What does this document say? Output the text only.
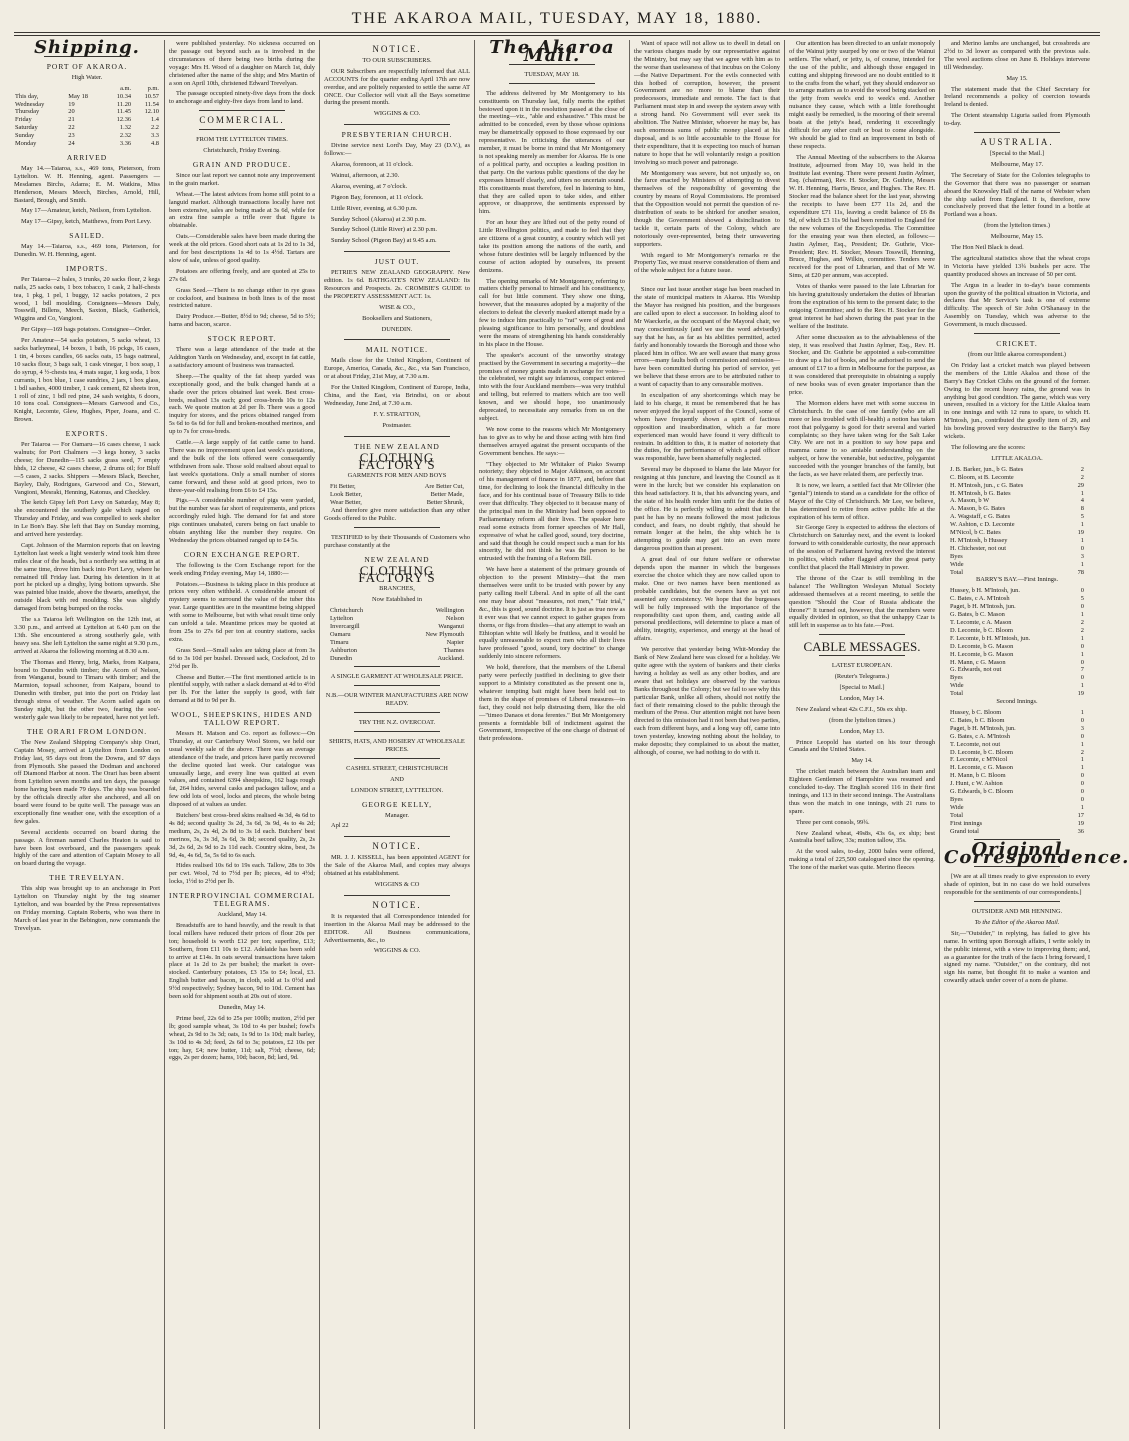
THE AKAROA MAIL, TUESDAY, MAY 18, 1880.
Shipping.
PORT OF AKAROA.

High Water.

		a.m.	p.m.
This day,	May 18	10.34	10.57
Wednesday	19	11.20	11.54
Thursday	20	11.45	12.10
Friday	21	12.36	1.4
Saturday	22	1.32	2.2
Sunday	23	2.32	3.3
Monday	24	3.36	4.8
ARRIVED

May 14.—Taiaroa, s.s., 469 tons, Pieterson, from Lyttelton. W. H. Henning, agent. Passengers — Mesdames Birchs, Adams; E. M. Watkins, Miss Henderson, Messrs Meech, Birches, Arnold, Hill, Bastard, Brough, and Smith.

May 17—Amateur, ketch, Neilson, from Lyttelton.

May 17—Gipsy, ketch, Matthews, from Port Levy.

SAILED.

May 14.—Taiaroa, s.s., 469 tons, Pieterson, for Dunedin. W. H. Henning, agent.

IMPORTS.

Per Taiaroa—2 bales, 3 trunks, 20 sacks flour, 2 kegs nails, 25 sacks oats, 1 box tobacco, 1 cask, 2 half-chests tea, 1 pkg, 1 pel, 1 buggy, 12 sacks potatoes, 2 pcs wood, 1 bdl moulding. Consignees—Messrs Daly, Tosswill, Billens, Meech, Saxton, Black, Gatherick, Wiggins and Co, Vangioni.

Per Gipsy—169 bags potatoes. Consignee—Order.

Per Amateur—54 sacks potatoes, 5 sacks wheat, 13 sacks barleymeal, 14 boxes, 1 bath, 16 pckgs, 16 cases, 1 tin, 4 boxes candles, 66 sacks oats, 15 bags oatmeal, 10 sacks flour, 3 bags salt, 1 cask vinegar, 1 box soap, 1 do syrup, 4 ½-chests tea, 4 mats sugar, 1 keg soda, 1 box currants, 1 box blue, 1 case sundries, 2 jars, 1 box glass, 1 bdl sashes, 4000 timber, 1 cask cement, 82 sheets iron, 1 roll of zinc, 1 bdl red pine, 24 sash weights, 6 doors, 10 tons coal. Consignees—Messrs Garwood and Co., Knight, Lecomte, Glew, Hughes, Piper, Joans, and C. Brown.

EXPORTS.

Per Taiaroa — For Oamaru—16 cases cheese, 1 sack walnuts; for Port Chalmers —3 kegs honey, 3 sacks cheese; for Dunedin—115 sacks grass seed, 7 empty hhds, 12 cheese, 42 cases cheese, 2 drums oil; for Bluff—5 cases, 2 sacks. Shippers —Messrs Black, Beecher, Bayley, Daly, Rodrigues, Garwood and Co., Stewart, Vangioni, Mesraki, Henning, Katonus, and Checkley.

The ketch Gipsy left Port Levy on Saturday, May 8; she encountered the southerly gale which raged on Thursday and Friday, and was compelled to seek shelter in Le Bon's Bay. She left that Bay on Sunday morning, and arrived here yesterday.

Capt. Johnson of the Marmion reports that on leaving Lyttelton last week a light westerly wind took him three miles clear of the heads, but a northerly sea setting in at the same time, drove him back into Port Levy, where he remained till Friday last. During his detention in it at port he picked up a dinghy, lying bottom upwards. She was painted blue inside, above the thwarts, amethyst, the outside black with red moulding. She was slightly damaged from being bumped on the rocks.

The s.s Taiaroa left Wellington on the 12th inst, at 3.30 p.m., and arrived at Lyttelton at 6.40 p.m on the 13th. She encountered a strong southerly gale, with heavy sea. She left Lyttelton the same night at 9.30 p.m., arrived at Akaroa the following morning at 8.30 a.m.

The Thomas and Henry, brig, Marks, from Kaipara, bound to Dunedin with timber; the Acorn of Nelson, from Wanganui, bound to Timaru with timber; and the Marmion, topsail schooner, from Kaipara, bound to Dunedin with timber, put into the port on Friday last through stress of weather. The Acorn sailed again on Sunday night, but the other two, fearing the sou'-westerly gale was likely to be repeated, have not yet left.

THE ORARI FROM LONDON.

The New Zealand Shipping Company's ship Orari, Captain Mosey, arrived at Lyttelton from London on Friday last, 95 days out from the Downs, and 97 days from Plymouth. She passed the Dodman and anchored off Diamond Harbor at noon. The Orari has been absent from Lyttelton seven months and ten days, the passage home having been made 79 days. The ship was boarded by the officials directly after she anchored, and all on board were found to be quite well. The passage was an exceptionally fine weather one, with the exception of a few gales.

Several accidents occurred on board during the passage. A fireman named Charles Heaton is said to have been lost overboard, and the passengers speak highly of the care and attention of Captain Mosey to all on board during the voyage.

THE TREVELYAN.

This ship was brought up to an anchorage in Port Lyttelton on Thursday night by the tug steamer Lyttelton, and was boarded by the Press representatives on Friday morning. Captain Roberts, who was there in March of last year in the Bebington, now commands the Trevelyan.

were published yesterday. No sickness occurred on the passage out beyond such as is involved in the circumstances of there being two births during the voyage: Mrs H. Wood of a daughter on March 1st, duly christened after the name of the ship; and Mrs Martin of a son on April 10th, christened Edward Trevelyan.

The passage occupied ninety-five days from the dock to anchorage and eighty-five days from land to land.

COMMERCIAL.

FROM THE LYTTELTON TIMES.

Christchurch, Friday Evening.

GRAIN AND PRODUCE.

Since our last report we cannot note any improvement in the grain market.

Wheat.—The latest advices from home still point to a languid market. Although transactions locally have not been extensive, sales are being made at 3s 6d, while for an extra fine sample a trifle over that figure is obtainable.

Oats.—Considerable sales have been made during the week at the old prices. Good short oats at 1s 2d to 1s 3d, and for best descriptions 1s 4d to 1s 4½d. Tartars are slow of sale, unless of good quality.

Potatoes are offering freely, and are quoted at 25s to 27s 6d.

Grass Seed.—There is no change either in rye grass or cocksfoot, and business in both lines is of the most restricted nature.

Dairy Produce.—Butter, 8½d to 9d; cheese, 5d to 5½; hams and bacon, scarce.

STOCK REPORT.

There was a large attendance of the trade at the Addington Yards on Wednesday, and, except in fat cattle, a satisfactory amount of business was transacted.

Sheep.—The quality of the fat sheep yarded was exceptionally good, and the bulk changed hands at a shade over the prices obtained last week. Best cross-breds, realised 13s each; good cross-breds 10s to 12s each. We quote mutton at 2d per lb. There was a good inquiry for stores, and the prices obtained ranged from 5s 6d to 6s 6d for full and broken-mouthed merinos, and up to 7s for cross-breds.

Cattle.—A large supply of fat cattle came to hand. There was no improvement upon last week's quotations, and the bulk of the lots offered were consequently withdrawn from sale. Those sold realised about equal to last week's quotations. Only a small number of stores came forward, and these sold at good prices, two to three-year-old realising from £6 to £4 15s.

Pigs.—A considerable number of pigs were yarded, but the number was far short of requirements, and prices accordingly ruled high. The demand for fat and store pigs continues unabated, curers being on fact unable to obtain anything like the number they require. On Wednesday the prices obtained ranged up to £4 5s.

CORN EXCHANGE REPORT.

The following is the Corn Exchange report for the week ending Friday evening, May 14, 1880:—

Potatoes.—Business is taking place in this produce at prices very often withheld. A considerable amount of mystery seems to surround the value of the tuber this year. Large quantities are in the meantime being shipped with some to Melbourne, but with what result time only can unfold a tale. Meantime prices may be quoted at from 25s to 27s 6d per ton at country stations, sacks extra.

Grass Seed.—Small sales are taking place at from 3s 6d to 3s 10d per bushel. Dressed sack, Cocksfoot, 2d to 2½d per lb.

Cheese and Butter.—The first mentioned article is in plentiful supply, with rather a slack demand at 4d to 4½d per lb. For the latter the supply is good, with fair demand at 8d to 9d per lb.

WOOL, SHEEPSKINS, HIDES AND TALLOW REPORT.

Messrs H. Matson and Co. report as follows:—On Thursday, at our Canterbury Wool Stores, we held our usual weekly sale of the above. There was an average attendance of the trade, and prices have partly recovered the decline quoted last week. Our catalogue was unusually large, and every line was quitted at even values, and contained 6394 sheepskins, 162 bags rough fat, 264 hides, several casks and packages tallow, and a few odd lots of wool, locks and pieces, the whole being disposed of at values as under.

Butchers' best cross-bred skins realised 4s 3d, 4s 6d to 4s 8d; second quality 3s 2d, 3s 6d, 3s 9d, 4s to 4s 2d; medium, 2s, 2s 4d, 2s 8d to 3s 1d each. Butchers' best merinos, 3s, 3s 3d, 3s 6d, 3s 8d; second quality, 2s, 2s 3d, 2s 6d, 2s 9d to 2s 11d each. Country skins, best, 3s 9d, 4s, 4s 6d, 5s, 5s 6d to 6s each.

Hides realised 10s 6d to 19s each. Tallow, 28s to 30s per cwt. Wool, 7d to 7½d per lb; pieces, 4d to 4½d; locks, 1½d to 2½d per lb.

INTERPROVINCIAL COMMERCIAL TELEGRAMS.

Auckland, May 14.

Breadstuffs are to hand heavily, and the result is that local millers have reduced their prices of flour 20s per ton; household is worth £12 per ton; superfine, £13; Southern, from £11 10s to £12. Adelaide has been sold to arrive at £14s. In oats several transactions have taken place at 1s 2d to 2s per bushel; the market is over-stocked. Canterbury potatoes, £3 15s to £4; local, £3. English butter and bacon, in cloth, sold at 1s 0½d and 9½d respectively; Sydney bacon, 9d to 10d. Cement has been sold for shipment south at 20s out of store.

Dunedin, May 14.

Prime beef, 22s 6d to 25s per 100lb; mutton, 2½d per lb; good sample wheat, 3s 10d to 4s per bushel; fowl's wheat, 2s 9d to 3s 3d; oats, 1s 9d to 1s 10d; malt barley, 3s 10d to 4s 3d; feed, 2s 6d to 3s; potatoes, £2 10s per ton; hay, £4; new butter, 11d; salt, 7½d; cheese, 6d; eggs, 2s per dozen; hams, 10d; bacon, 8d; lard, 9d.

NOTICE.

TO OUR SUBSCRIBERS.

OUR Subscribers are respectfully informed that ALL ACCOUNTS for the quarter ending April 17th are now overdue, and are politely requested to settle the same AT ONCE. Our Collector will visit all the Bays sometime during the present month.

WIGGINS & CO.

PRESBYTERIAN CHURCH.

Divine service next Lord's Day, May 23 (D.V.), as follows:—

Akaroa, forenoon, at 11 o'clock.

Wainui, afternoon, at 2.30.

Akaroa, evening, at 7 o'clock.

Pigeon Bay, forenoon, at 11 o'clock.

Little River, evening, at 6.30 p.m.

Sunday School (Akaroa) at 2.30 p.m.

Sunday School (Little River) at 2.30 p.m.

Sunday School (Pigeon Bay) at 9.45 a.m.

JUST OUT.

PETRIE'S NEW ZEALAND GEOGRAPHY. New edition. 1s 6d. BATHGATE'S NEW ZEALAND: Its Resources and Prospects. 2s. CROMBIE'S GUIDE to the PROPERTY ASSESSMENT ACT. 1s.

WISE & CO.,

Booksellers and Stationers,

DUNEDIN.

MAIL NOTICE.

Mails close for the United Kingdom, Continent of Europe, America, Canada, &c., &c., via San Francisco, or at about Friday, 21st May, at 7.30 a.m.

For the United Kingdom, Continent of Europe, India, China, and the East, via Brindisi, on or about Wednesday, June 2nd, at 7.30 a.m.

F. Y. STRATTON,

Postmaster.

THE NEW ZEALAND
CLOTHING FACTORY'S

GARMENTS FOR MEN AND BOYS

Fit Better,	Are Better Cut,
Look Better,	Better Made,
Wear Better,	Better Shrunk,

And therefore give more satisfaction than any other Goods offered to the Public.

TESTIFIED to by their Thousands of Customers who purchase constantly at the

NEW ZEALAND
CLOTHING FACTORY'S

BRANCHES,

Now Established in

Christchurch	Wellington
Lyttelton	Nelson
Invercargill	Wanganui
Oamaru	New Plymouth
Timaru	Napier
Ashburton	Thames
Dunedin	Auckland.

A SINGLE GARMENT AT WHOLESALE PRICE.

N.B.—OUR WINTER MANUFACTURES ARE NOW READY.

TRY THE N.Z. OVERCOAT.

SHIRTS, HATS, AND HOSIERY AT WHOLESALE PRICES.

CASHEL STREET, CHRISTCHURCH

AND

LONDON STREET, LYTTELTON.

GEORGE KELLY,

Manager.

Apl 22

NOTICE.

MR. J. J. KISSELL, has been appointed AGENT for the Sale of the Akaroa Mail, and copies may always obtained at his establishment.

WIGGINS & CO

NOTICE.

It is requested that all Correspondence intended for insertion in the Akaroa Mail may be addressed to the EDITOR. All Business communications, Advertisements, &c., to

WIGGINS & CO.

The Akaroa Mail.

TUESDAY, MAY 18.

The address delivered by Mr Montgomery to his constituents on Thursday last, fully merits the epithet bestowed upon it in the resolution passed at the close of the meeting—viz., "able and exhaustive." This must be admitted to be conceded, even by those whose opinions may be diametrically opposed to those expressed by our representative. In criticising the utterances of our member, it must be borne in mind that Mr Montgomery is not speaking merely as member for Akaroa. He is one of a political party, and occupies a leading position in that party. On the various public questions of the day he expresses himself clearly, and utters no uncertain sound. His constituents must therefore, feel in listening to him, that they are called upon to take sides, and either approve, or disapprove, the sentiments expressed by him.

For an hour they are lifted out of the petty round of Little Rivellington politics, and made to feel that they are citizens of a great country, a country which will yet take its position among the nations of the earth, and whose future destinies will be largely influenced by the course of action adopted by ourselves, its present denizens.

The opening remarks of Mr Montgomery, referring to matters chiefly personal to himself and his constituency, call for but little comment. They show one thing, however, that the measures adopted by a majority of the electors to defeat the cleverly masked attempt made by a few to induce him practically to "rat" were of great and pleasing significance to him personally, and doubtless were the means of strengthening his hands considerably in his place in the House.

The speaker's account of the unworthy strategy practised by the Government in securing a majority—the promises of money grants made in exchange for votes—the celebrated, we might say infamous, compact entered into with the four Auckland members—was very truthful and telling, but referred to matters which are too well known, and we should hope, too unanimously deprecated, to necessitate any remarks from us on the subject.

We now come to the reasons which Mr Montgomery has to give as to why he and those acting with him find themselves arrayed against the present occupants of the Government benches. He says:—

"They objected to Mr Whitaker of Piako Swamp notoriety; they objected to Major Atkinson, on account of his management of finance in 1877, and, before that time, for declining to look the financial difficulty in the face, and for his continual issue of Treasury Bills to tide over that difficulty. They objected to it because many of the principal men in the Ministry had been opposed to Parliamentary reform all their lives. The speaker here read some extracts from former speeches of Mr Hall, expressive of what he called good, sound, tory doctrine, and said that though he could respect such a man for his sincerity, he did not think he was the person to be entrusted with the framing of a Reform Bill.

We have here a statement of the primary grounds of objection to the present Ministry—that the men themselves were unfit to be trusted with power by any party calling itself Liberal. And in spite of all the cant one may hear about "measures, not men," "fair trial," &c., this is good, sound doctrine. It is just as true now as it ever was that we cannot expect to gather grapes from thorns, or figs from thistles—that any attempt to wash an Ethiopian white will likely be fruitless, and it would be equally unreasonable to expect men who all their lives have professed "good, sound, tory doctrine" to change suddenly into sincere reformers.

We hold, therefore, that the members of the Liberal party were perfectly justified in declining to give their support to a Ministry constituted as the present one is, whatever tempting bait might have been held out to them in the shape of promises of Liberal measures—in fact, they could not help distrusting them, like the old—"timeo Danaos et dona ferentes." But Mr Montgomery presents a formidable bill of indictment against the Government, irrespective of the one charge of distrust of their professions.

Want of space will not allow us to dwell in detail on the various charges made by our representative against the Ministry, but may say that we agree with him as to the worse than uselessness of that incubus on the Colony—the Native Department. For the evils connected with this hotbed of corruption, however, the present Government are no more to blame than their predecessors, immediate and remote. The fact is that Parliament must step in and sweep the system away with a strong hand. No Government will ever seek its abolition. The Native Minister, whoever he may be, has such enormous sums of public money placed at his disposal, and is so little accountable to the House for their expenditure, that it is expecting too much of human nature to hope that he will voluntarily resign a position involving so much power and patronage.

Mr Montgomery was severe, but not unjustly so, on the farce enacted by Ministers of attempting to divest themselves of the responsibility of governing the country by means of Royal Commissions. He promised that the Opposition would not permit the question of re-distribution of seats to be shirked for another session, though the Government showed a disinclination to tackle it, certain parts of the Colony, which are notoriously over-represented, being their unwavering supporters.

With regard to Mr Montgomery's remarks re the Property Tax, we must reserve consideration of them and of the whole subject for a future issue.

Since our last issue another stage has been reached in the state of municipal matters in Akaroa. His Worship the Mayor has resigned his position, and the burgesses are called upon to elect a successor. In holding aloof to Mr Waeckerle, as the occupant of the Mayoral chair, we may conscientiously (and we use the word advisedly) say that he has, as far as his abilities permitted, acted fairly and honorably towards the Borough and those who placed him in office. We are well aware that many gross errors—many faults both of commission and omission—have been committed during his period of service, yet we believe that these errors are to be attributed rather to a want of capacity than to any censurable motives.

In exculpation of any shortcomings which may be laid to his charge, it must be remembered that he has never enjoyed the loyal support of the Council, some of whom have frequently shown a spirit of factious opposition and insubordination, which a far more experienced man would have found it very difficult to restrain. In addition to this, it is matter of notoriety that the duties, for the performance of which a paid officer was responsible, have been shamefully neglected.

Several may be disposed to blame the late Mayor for resigning at this juncture, and leaving the Council as it were in the lurch; but we consider his explanation on this head satisfactory. It is, that his advancing years, and the state of his health render him unfit for the duties of the office. He is perfectly willing to admit that in the past he has by no means followed the most judicious conduct, and fears, no doubt rightly, that should he remain longer at the helm, the ship which he is attempting to guide may get into an even more dangerous position than at present.

A great deal of our future welfare or otherwise depends upon the manner in which the burgesses exercise the choice which they are now called upon to make. One or two names have been mentioned as probable candidates, but the owners have as yet not assented any consistency. We hope that the burgesses will be fully impressed with the importance of the responsibility cast upon them, and, casting aside all personal predilections, will determine to place a man of ability, integrity, experience, and energy at the head of affairs.

We perceive that yesterday being Whit-Monday the Bank of New Zealand here was closed for a holiday. We quite agree with the system of bankers and their clerks having a holiday as well as any other bodies, and are aware that set holidays are observed by the various Banks throughout the Colony; but we fail to see why this particular Bank, unlike all others, should not notify the fact of their remaining closed to the public through the medium of the Press. Our attention might not have been directed to this omission had it not been that two parties, each from different bays, and a long way off, came into town yesterday, knowing nothing about the holiday, to make deposits; they complained to us about the matter, although, of course, we had nothing to do with it.

Our attention has been directed to an unfair monopoly of the Wainui jetty usurped by one or two of the Wainui settlers. The wharf, or jetty, is, of course, intended for the use of the public, and although those engaged in cutting and shipping firewood are no doubt entitled to it to the crafts from the wharf, yet they should endeavor so to arrange matters as to avoid the wood being stacked on the jetty from week's end to week's end. Another nuisance they cause, which with a little forethought might easily be remedied, is the mooring of their several boats at the jetty's head, rendering it exceedingly difficult for any other craft or boat to come alongside. We should be glad to find an improvement in both of these respects.

The Annual Meeting of the subscribers to the Akaroa Institute, adjourned from May 10, was held in the Institute last evening. There were present Justin Aylmer, Esq. (chairman), Rev. H. Stocker, Dr. Guthrie, Messrs W. H. Henning, Harris, Bruce, and Hughes. The Rev. H. Stocker read the balance sheet for the last year, showing the receipts to have been £77 11s 2d, and the expenditure £71 11s, leaving a credit balance of £6 8s 9d, of which £3 11s 9d had been remitted to England for the new volumes of the Encyclopedia. The Committee for the ensuing year was then elected, as follows:—Justin Aylmer, Esq., President; Dr. Guthrie, Vice-President; Rev. H. Stocker, Messrs Tosswill, Henning, Bruce, Hughes, and Wilkin, committee. Tenders were received for the post of Librarian, and that of Mr W. Sims, at £20 per annum, was accepted.

Votes of thanks were passed to the late Librarian for his having gratuitously undertaken the duties of librarian from the expiration of his term to the present date; to the outgoing Committee; and to the Rev. H. Stocker for the great interest he had shown during the past year in the welfare of the Institute.

After some discussion as to the advisableness of the step, it was resolved that Justin Aylmer, Esq., Rev. H. Stocker, and Dr. Guthrie be appointed a sub-committee to draw up a list of books, and be authorised to send the amount of £17 to a firm in Melbourne for the purpose, as it was considered that prerequisite in obtaining a supply of new books was of even greater importance than the price.

The Mormon elders have met with some success in Christchurch. In the case of one family (who are all more or less troubled with ill-health) a notion has taken root that polygamy is good for their several and varied complaints; so they have taken wing for the Salt Lake City. We are not in a position to say how papa and mamma came to so amiable understanding on the subject, or how the venerable, but seductive, polygamist succeeded with the younger branches of the family, but the facts, as we have related them, are perfectly true.

It is now, we learn, a settled fact that Mr Ollivier (the "genial") intends to stand as a candidate for the office of Mayor of the City of Christchurch. Mr Lee, we believe, has determined to retire from active public life at the expiration of his term of office.

Sir George Grey is expected to address the electors of Christchurch on Saturday next, and the event is looked forward to with considerable curiosity, the near approach of the session of Parliament having revived the interest in politics, which rather flagged after the great party conflict that placed the Hall Ministry in power.

The throne of the Czar is still trembling in the balance! The Wellington Wesleyan Mutual Society addressed themselves at a recent meeting, to settle the question "Should the Czar of Russia abdicate the throne?" It turned out, however, that the members were equally divided in opinion, so that the unhappy Czar is still left in suspense as to his fate.—Post.

CABLE MESSAGES.

LATEST EUROPEAN.

(Reuter's Telegrams.)

[Special to Mail.]

London, May 14.

New Zealand wheat 42s C.F.I., 50s ex ship.

(from the lyttelton times.)

London, May 13.

Prince Leopold has started on his tour through Canada and the United States.

May 14.

The cricket match between the Australian team and Eighteen Gentlemen of Hampshire was resumed and concluded to-day. The English scored 116 in their first innings, and 113 in their second innings. The Australians thus won the match in one innings, with 21 runs to spare.

Three per cent consols, 99¾.

New Zealand wheat, 49s8s, 43s 6s, ex ship; best Australia beef tallow, 33s; mutton tallow, 35s.

At the wool sales, to-day, 2000 bales were offered, making a total of 225,500 catalogued since the opening. The tone of the market was quite. Merino fleeces

and Merino lambs are unchanged, but crossbreds are 2½d to 3d lower as compared with the previous sale. The wool auctions close on June 8. Holidays intervene till Wednesday.

May 15.

The statement made that the Chief Secretary for Ireland recommends a policy of coercion towards Ireland is denied.

The Orient steamship Liguria sailed from Plymouth to-day.

AUSTRALIA.

[Special to the Mail.]

Melbourne, May 17.

The Secretary of State for the Colonies telegraphs to the Governor that there was no passenger or seaman aboard the Knowsley Hall of the name of Webster when the ship sailed from England. It is, therefore, now conclusively proved that the letter found in a bottle at Portland was a hoax.

(from the lyttelton times.)

Melbourne, May 15.

The Hon Neil Black is dead.

The agricultural statistics show that the wheat crops in Victoria have yielded 13¾ bushels per acre. The quantity produced shows an increase of 50 per cent.

The Argus in a leader in to-day's issue comments upon the gravity of the political situation in Victoria, and declares that Mr Service's task is one of extreme difficulty. The speech of Sir John O'Shanassy in the Assembly on Tuesday, which was adverse to the Government, is much discussed.

CRICKET.

(from our little akaroa correspondent.)

On Friday last a cricket match was played between the members of the Little Akaloa and those of the Barry's Bay Cricket Clubs on the ground of the former. Owing to the recent heavy rains, the ground was in anything but good condition. The game, which was very uneven, resulted in a victory for the Little Akaloa team in one innings and with 12 runs to spare, to which H. M'Intosh, jun., contributed the goodly item of 29, and his bowling proved very destructive to the Barry's Bay wickets.

The following are the scores:

LITTLE AKALOA.

J. B. Barker, jun., b G. Bates	2
C. Bloom, st B. Lecomte	2
H. M'Intosh, jun., c G. Bates	29
H. M'Intosh, b G. Bates	1
A. Mason, b W	4
A. Mason, b G. Bates	8
A. Wagstaff, c G. Bates	5
W. Ashton, c D. Lecomte	1
M'Nicol, b C. Bates	19
H. M'Intosh, b Hussey	1
H. Chichester, not out	0
Byes	3
Wide	1
Total	78

BARRY'S BAY.—First Innings.

Hussey, b H. M'Intosh, jun.	0
C. Bates, c A. M'Intosh	5
Paget, b H. M'Intosh, jun.	0
G. Bates, b C. Mason	1
T. Lecomte, c A. Mason	2
D. Lecomte, b C. Bloom	2
F. Lecomte, b H. M'Intosh, jun.	1
D. Lecomte, b G. Mason	0
H. Lecomte, b G. Mason	1
H. Mann, c G. Mason	0
G. Edwards, not out	7
Byes	0
Wide	1
Total	19

Second Innings.

Hussey, b C. Bloom	1
C. Bates, b C. Bloom	0
Paget, b H. M'Intosh, jun.	3
G. Bates, c A. M'Intosh	0
T. Lecomte, not out	1
D. Lecomte, b C. Bloom	2
F. Lecomte, c M'Nicol	1
H. Lecomte, c G. Mason	1
H. Mann, b C. Bloom	0
J. Hunt, c W. Ashton	0
G. Edwards, b C. Bloom	0
Byes	0
Wide	1
Total	17
First innings	19
Grand total	36
Original Correspondence.

[We are at all times ready to give expression to every shade of opinion, but in no case do we hold ourselves responsible for the sentiments of our correspondents.]

OUTSIDER AND MR HENNING.

To the Editor of the Akaroa Mail.

Sir,—"Outsider," in replying, has failed to give his name. In writing upon Borough affairs, I write solely in the public interest, with a view to improving them; and, as a guarantee for the truth of the facts I bring forward, I signed my name. "Outsider," on the contrary, did not sign his name, but thought fit to make a wanton and cowardly attack under cover of a nom de plume.
